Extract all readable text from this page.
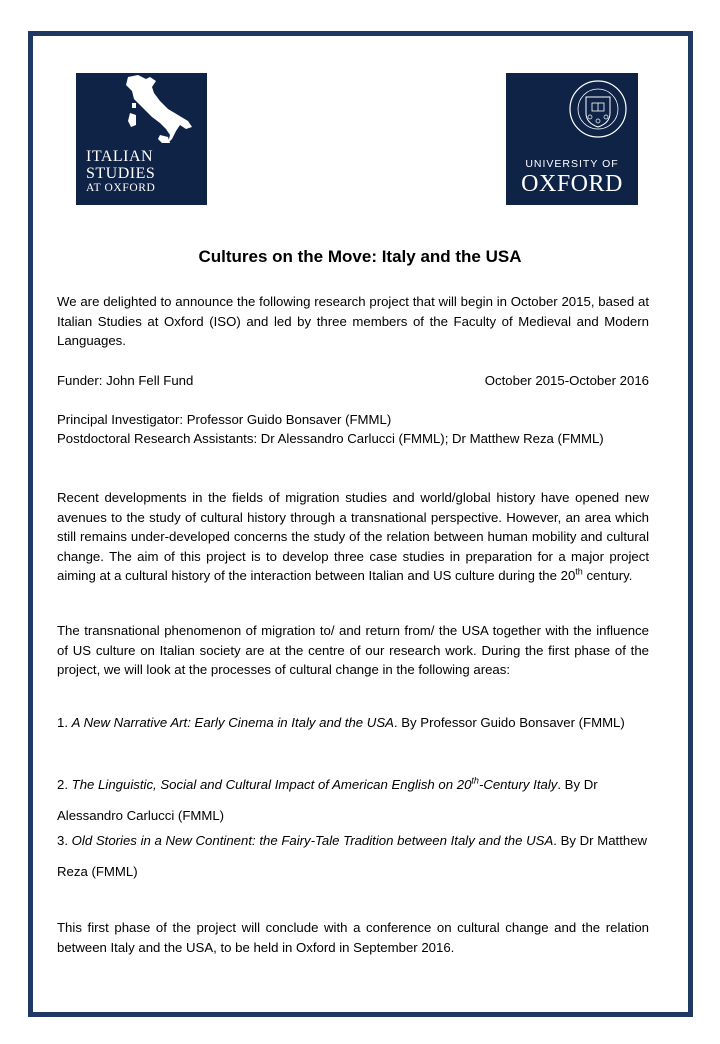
ITALIAN
STUDIES
AT OXFORD
UNIVERSITY OF
OXFORD
Cultures on the Move: Italy and the USA

We are delighted to announce the following research project that will begin in October 2015, based at Italian Studies at Oxford (ISO) and led by three members of the Faculty of Medieval and Modern Languages.

Funder: John Fell Fund	October 2015-October 2016

Principal Investigator: Professor Guido Bonsaver (FMML)

Postdoctoral Research Assistants: Dr Alessandro Carlucci (FMML); Dr Matthew Reza (FMML)

Recent developments in the fields of migration studies and world/global history have opened new avenues to the study of cultural history through a transnational perspective. However, an area which still remains under-developed concerns the study of the relation between human mobility and cultural change. The aim of this project is to develop three case studies in preparation for a major project aiming at a cultural history of the interaction between Italian and US culture during the 20th century.

The transnational phenomenon of migration to/ and return from/ the USA together with the influence of US culture on Italian society are at the centre of our research work. During the first phase of the project, we will look at the processes of cultural change in the following areas:

1. A New Narrative Art: Early Cinema in Italy and the USA. By Professor Guido Bonsaver (FMML)

2. The Linguistic, Social and Cultural Impact of American English on 20th-Century Italy. By Dr Alessandro Carlucci (FMML)

3. Old Stories in a New Continent: the Fairy-Tale Tradition between Italy and the USA. By Dr Matthew Reza (FMML)

This first phase of the project will conclude with a conference on cultural change and the relation between Italy and the USA, to be held in Oxford in September 2016.
